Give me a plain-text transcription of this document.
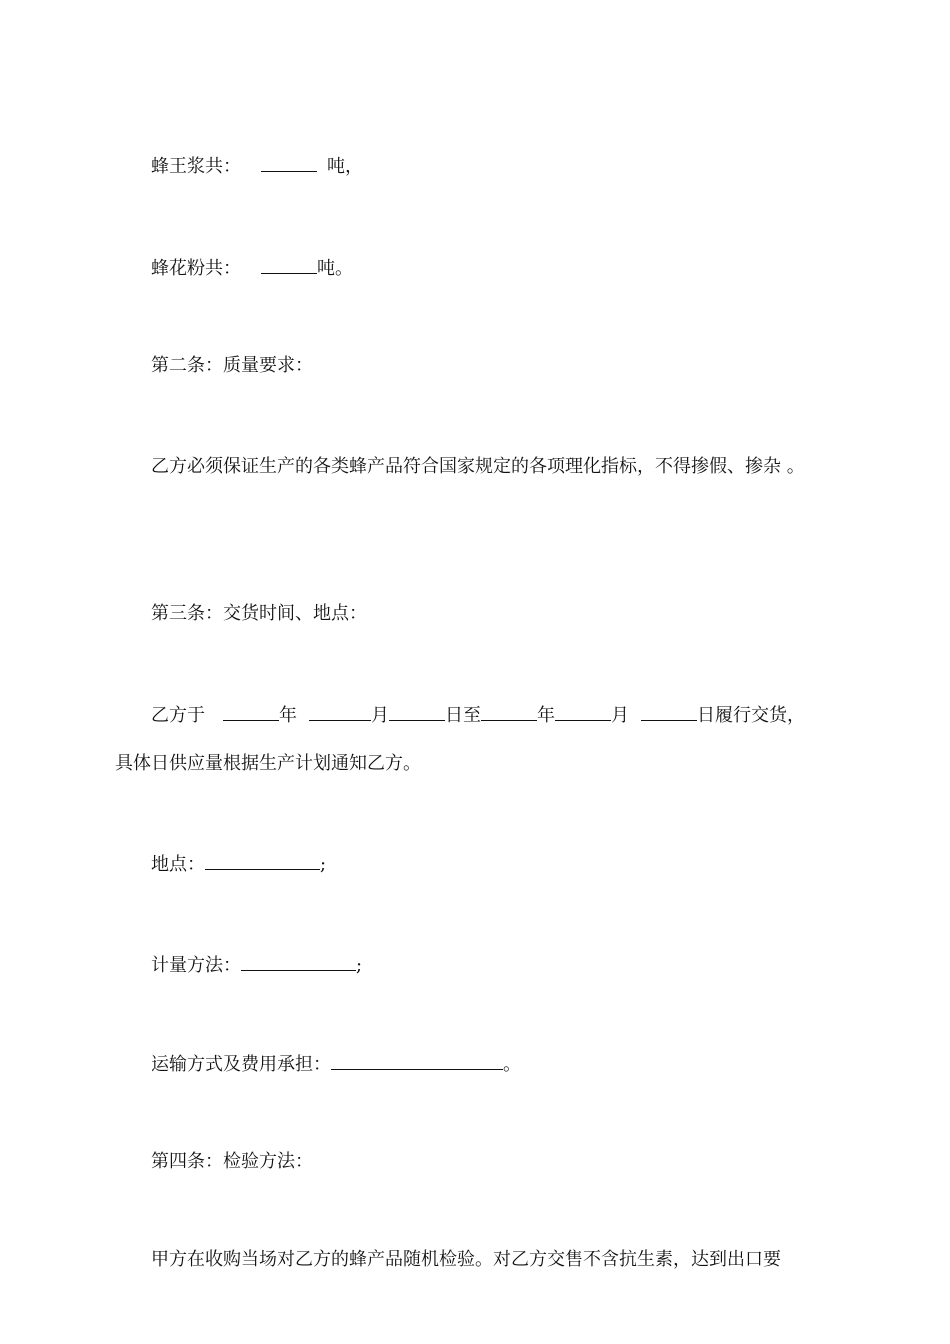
蜂王浆共：	吨，
蜂花粉共：	吨。
第二条：质量要求：
乙方必须保证生产的各类蜂产品符合国家规定的各项理化指标，不得掺假、掺杂 。
第三条：交货时间、地点：
乙方于	年	月	日至	年	月	日履行交货，
具体日供应量根据生产计划通知乙方。
地点：	;
计量方法：	;
运输方式及费用承担：	。
第四条：检验方法：
甲方在收购当场对乙方的蜂产品随机检验。对乙方交售不含抗生素，达到出口要
